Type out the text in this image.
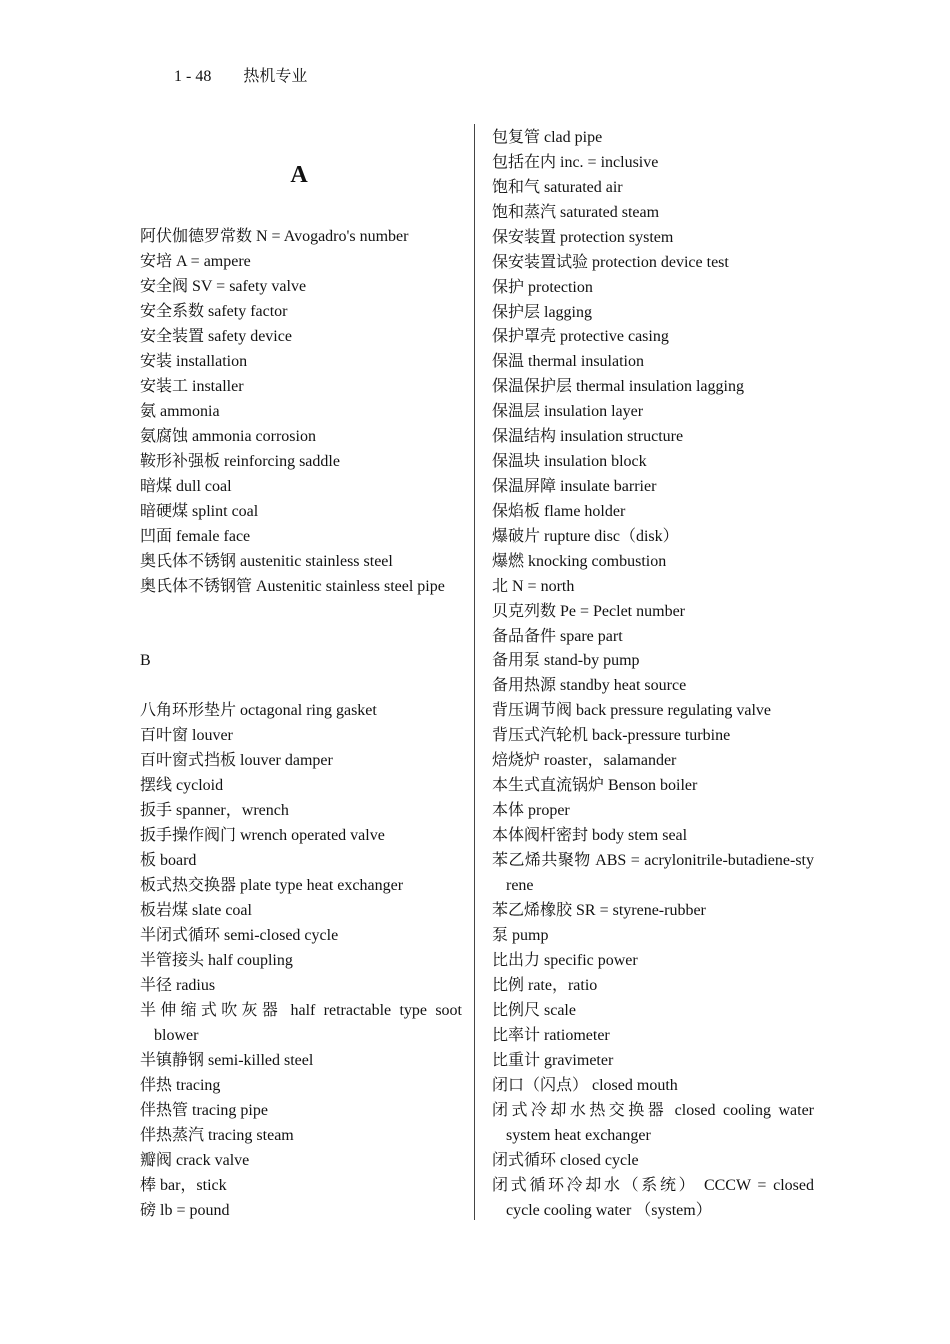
1 - 48 热机专业
A
阿伏伽德罗常数 N = Avogadro's number
安培 A = ampere
安全阀 SV = safety valve
安全系数 safety factor
安全装置 safety device
安装 installation
安装工 installer
氨 ammonia
氨腐蚀 ammonia corrosion
鞍形补强板 reinforcing saddle
暗煤 dull coal
暗硬煤 splint coal
凹面 female face
奥氏体不锈钢 austenitic stainless steel
奥氏体不锈钢管 Austenitic stainless steel pipe
B
八角环形垫片 octagonal ring gasket
百叶窗 louver
百叶窗式挡板 louver damper
摆线 cycloid
扳手 spanner，wrench
扳手操作阀门 wrench operated valve
板 board
板式热交换器 plate type heat exchanger
板岩煤 slate coal
半闭式循环 semi-closed cycle
半管接头 half coupling
半径 radius
半伸缩式吹灰器 half retractable type soot blower
半镇静钢 semi-killed steel
伴热 tracing
伴热管 tracing pipe
伴热蒸汽 tracing steam
瓣阀 crack valve
棒 bar，stick
磅 lb = pound
包复管 clad pipe
包括在内 inc. = inclusive
饱和气 saturated air
饱和蒸汽 saturated steam
保安装置 protection system
保安装置试验 protection device test
保护 protection
保护层 lagging
保护罩壳 protective casing
保温 thermal insulation
保温保护层 thermal insulation lagging
保温层 insulation layer
保温结构 insulation structure
保温块 insulation block
保温屏障 insulate barrier
保焰板 flame holder
爆破片 rupture disc（disk）
爆燃 knocking combustion
北 N = north
贝克列数 Pe = Peclet number
备品备件 spare part
备用泵 stand-by pump
备用热源 standby heat source
背压调节阀 back pressure regulating valve
背压式汽轮机 back-pressure turbine
焙烧炉 roaster，salamander
本生式直流锅炉 Benson boiler
本体 proper
本体阀杆密封 body stem seal
苯乙烯共聚物 ABS = acrylonitrile-butadiene-styrene
苯乙烯橡胶 SR = styrene-rubber
泵 pump
比出力 specific power
比例 rate，ratio
比例尺 scale
比率计 ratiometer
比重计 gravimeter
闭口（闪点） closed mouth
闭式冷却水热交换器 closed cooling water system heat exchanger
闭式循环 closed cycle
闭式循环冷却水（系统） CCCW = closed cycle cooling water （system）
